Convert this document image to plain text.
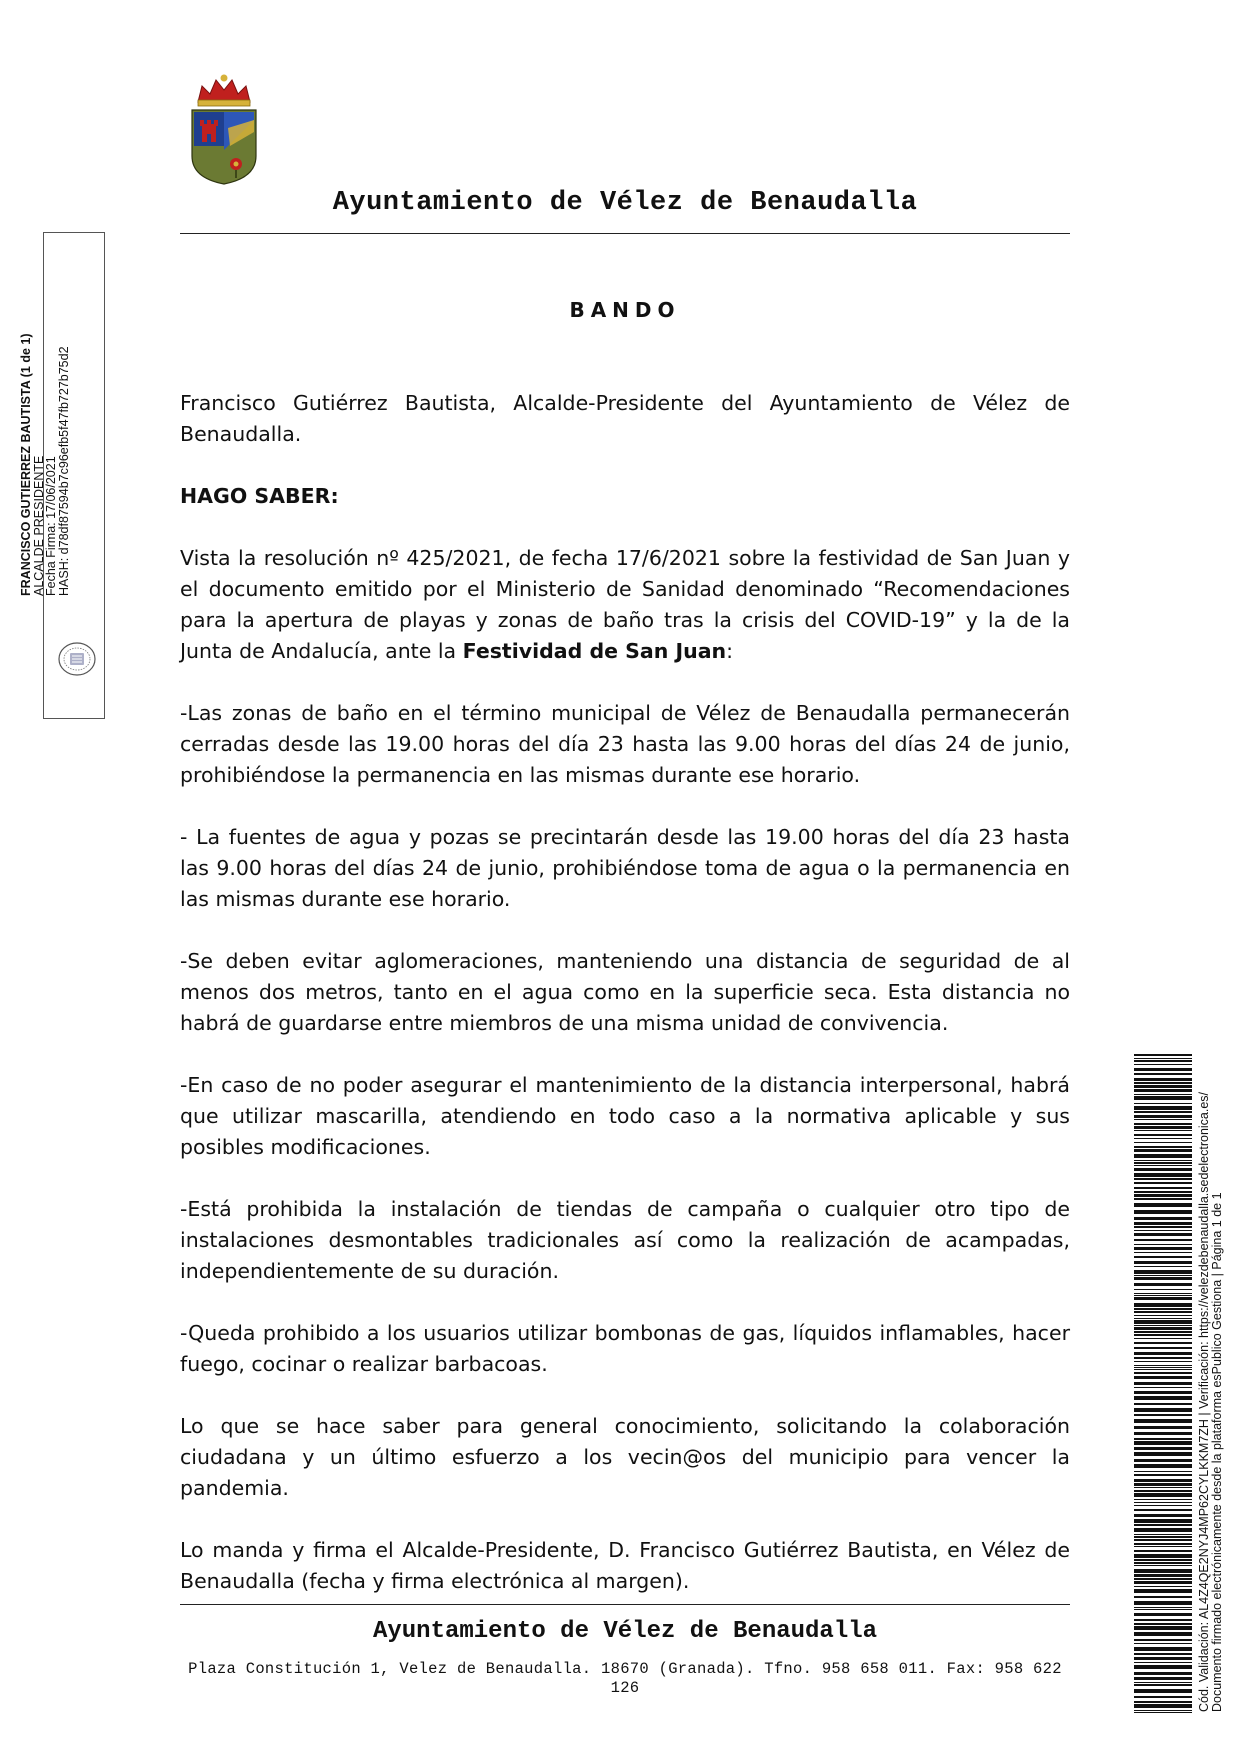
Ayuntamiento de Vélez de Benaudalla
BANDO

Francisco Gutiérrez Bautista, Alcalde-Presidente del Ayuntamiento de Vélez de Benaudalla.

HAGO SABER:

Vista la resolución nº 425/2021, de fecha 17/6/2021 sobre la festividad de San Juan y el documento emitido por el Ministerio de Sanidad denominado “Recomendaciones para la apertura de playas y zonas de baño tras la crisis del COVID-19” y la de la Junta de Andalucía, ante la Festividad de San Juan:

-Las zonas de baño en el término municipal de Vélez de Benaudalla permanecerán cerradas desde las 19.00 horas del día 23 hasta las 9.00 horas del días 24 de junio, prohibiéndose la permanencia en las mismas durante ese horario.

- La fuentes de agua y pozas se precintarán desde las 19.00 horas del día 23 hasta las 9.00 horas del días 24 de junio, prohibiéndose toma de agua o la permanencia en las mismas durante ese horario.

-Se deben evitar aglomeraciones, manteniendo una distancia de seguridad de al menos dos metros, tanto en el agua como en la superficie seca. Esta distancia no habrá de guardarse entre miembros de una misma unidad de convivencia.

-En caso de no poder asegurar el mantenimiento de la distancia interpersonal, habrá que utilizar mascarilla, atendiendo en todo caso a la normativa aplicable y sus posibles modificaciones.

-Está prohibida la instalación de tiendas de campaña o cualquier otro tipo de instalaciones desmontables tradicionales así como la realización de acampadas, independientemente de su duración.

-Queda prohibido a los usuarios utilizar bombonas de gas, líquidos inflamables, hacer fuego, cocinar o realizar barbacoas.

Lo que se hace saber para general conocimiento, solicitando la colaboración ciudadana y un último esfuerzo a los vecin@os del municipio para vencer la pandemia.

Lo manda y firma el Alcalde-Presidente, D. Francisco Gutiérrez Bautista, en Vélez de Benaudalla (fecha y firma electrónica al margen).

Ayuntamiento de Vélez de Benaudalla
Plaza Constitución 1, Velez de Benaudalla. 18670 (Granada). Tfno. 958 658 011. Fax: 958 622 126
FRANCISCO GUTIERREZ BAUTISTA (1 de 1)
ALCALDE PRESIDENTE
Fecha Firma: 17/06/2021
HASH: d78df87594b7c96efb5f47fb727b75d2
Cód. Validación: AL4Z4QE2NYJ4MP62CYLKKM7ZH | Verificación: https://velezdebenaudalla.sedelectronica.es/
Documento firmado electrónicamente desde la plataforma esPublico Gestiona | Página 1 de 1
